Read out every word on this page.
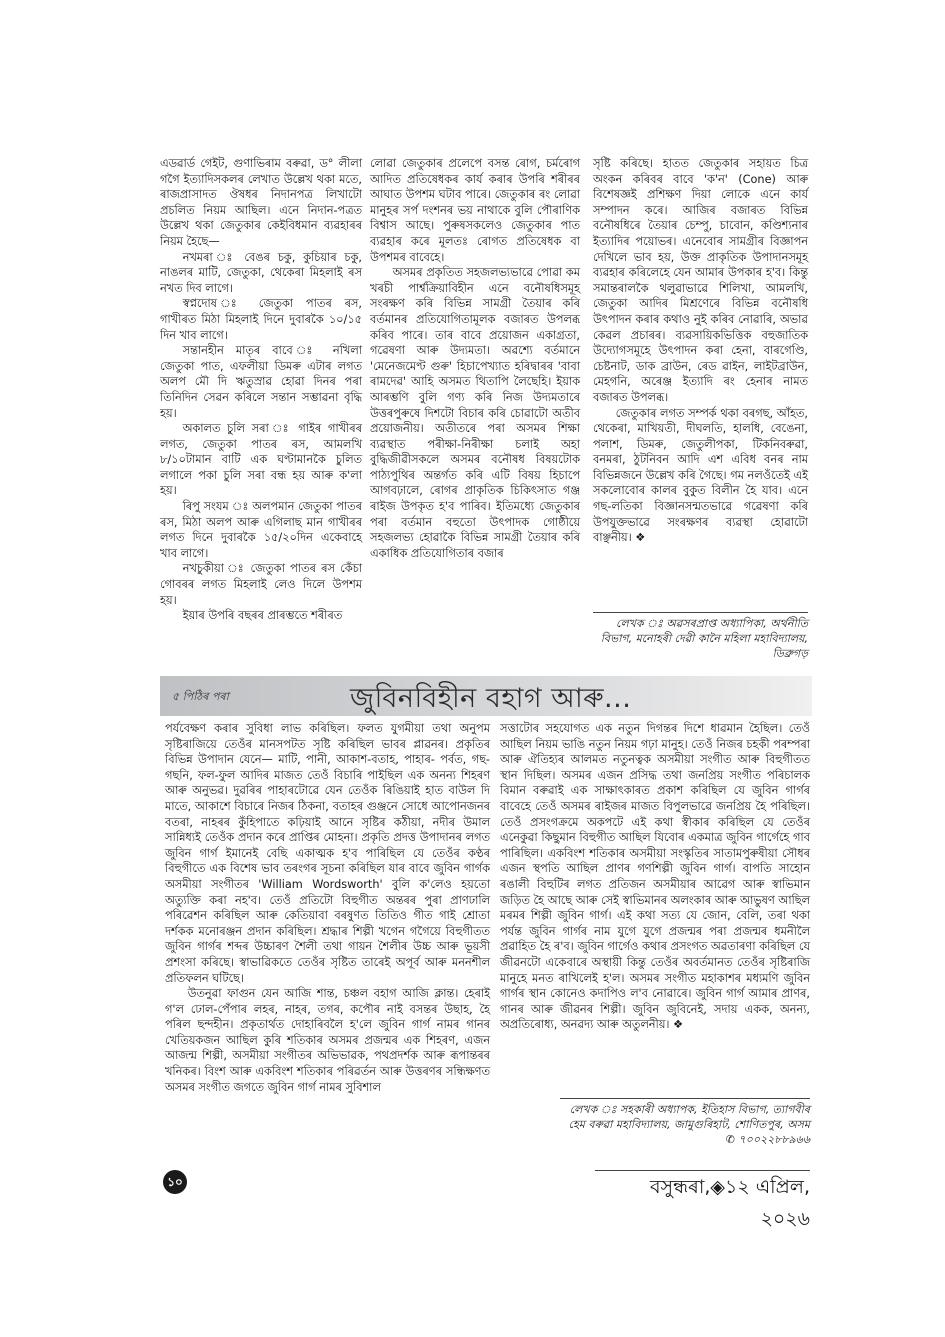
এডৱাৰ্ড গেইট, গুণাভিৰাম বৰুৱা, ড° লীলা গগৈ ইত্যাদিসকলৰ লেখাত উল্লেখ থকা মতে, ৰাজপ্ৰাসাদত ঔষধৰ নিদানপত্ৰ লিখাটো প্ৰচলিত নিয়ম আছিল। এনে নিদান-পত্ৰত উল্লেখ থকা জেতুকাৰ কেইবিধমান ব্যৱহাৰৰ নিয়ম হৈছে—

নখমৰা ঃ বেঙৰ চকু, কুচিয়াৰ চকু, নাঙলৰ মাটি, জেতুকা, থেকেৰা মিহলাই ৰস নখত দিব লাগে।

স্বপ্নদোষ ঃ জেতুকা পাতৰ ৰস, গাখীৰত মিঠা মিহলাই দিনে দুবাৰকৈ ১০/১৫ দিন খাব লাগে।

সন্তানহীন মাতৃৰ বাবে ঃ নখিলা জেতুকা পাত, এফলীয়া ডিমৰু এটাৰ লগত অলপ মৌ দি ঋতুস্ৰাৱ হোৱা দিনৰ পৰা তিনিদিন সেৱন কৰিলে সন্তান সম্ভাৱনা বৃদ্ধি হয়।

অকালত চুলি সৰা ঃ গাইৰ গাখীৰৰ লগত, জেতুকা পাতৰ ৰস, আমলখি ৮/১০টামান বাটি এক ঘণ্টামানকৈ চুলিত লগালে পকা চুলি সৰা বন্ধ হয় আৰু ক'লা হয়।

ৰিপু সংযম ঃ অলপমান জেতুকা পাতৰ ৰস, মিঠা অলপ আৰু এগিলাছ মান গাখীৰৰ লগত দিনে দুবাৰকৈ ১৫/২০দিন একেবাহে খাব লাগে।

নখচুকীয়া ঃ জেতুকা পাতৰ ৰস কেঁচা গোবৰৰ লগত মিহলাই লেও দিলে উপশম হয়।

ইয়াৰ উপৰি বছৰৰ প্ৰাৰম্ভতে শৰীৰত

লোৱা জেতুকাৰ প্ৰলেপে বসন্ত ৰোগ, চৰ্মৰোগ আদিত প্ৰতিষেধকৰ কাৰ্য কৰাৰ উপৰি শৰীৰৰ আঘাত উপশম ঘটাব পাৰে। জেতুকাৰ ৰং লোৱা মানুহৰ সৰ্প দংশনৰ ভয় নাথাকে বুলি পৌৰাণিক বিশ্বাস আছে। পুৰুষসকলেও জেতুকাৰ পাত ব্যৱহাৰ কৰে মূলতঃ ৰোগত প্ৰতিষেধক বা উপশমৰ বাবেহে।

অসমৰ প্ৰকৃতিত সহজলভ্যভাৱে পোৱা কম খৰচী পাৰ্শ্বক্ৰিয়াবিহীন এনে বনৌষধিসমূহ সংৰক্ষণ কৰি বিভিন্ন সামগ্ৰী তৈয়াৰ কৰি বৰ্তমানৰ প্ৰতিযোগিতামূলক বজাৰত উপলব্ধ কৰিব পাৰে। তাৰ বাবে প্ৰয়োজন একাগ্ৰতা, গৱেষণা আৰু উদ্যমতা। অৱশ্যে বৰ্তমানে 'মেনেজমেণ্ট গুৰু' হিচাপেখ্যাত হৰিদ্বাৰৰ 'বাবা ৰামদেৱ' আহি অসমত থিতাপি লৈছেহি। ইয়াক আৰম্ভণি বুলি গণ্য কৰি নিজ উদ্যমতাৰে উত্তৰপুৰুষে দিশটো বিচাৰ কৰি চোৱাটো অতীব প্ৰয়োজনীয়। অতীতৰে পৰা অসমৰ শিক্ষা ব্যৱস্থাত পৰীক্ষা-নিৰীক্ষা চলাই অহা বুদ্ধিজীৱীসকলে অসমৰ বনৌষধ বিষয়টোক পাঠ্যপুথিৰ অন্তৰ্গত কৰি এটি বিষয় হিচাপে আগবঢ়ালে, ৰোগৰ প্ৰাকৃতিক চিকিৎসাত গঞ্জ ৰাইজ উপকৃত হ'ব পাৰিব। ইতিমধ্যে জেতুকাৰ পৰা বৰ্তমান বহুতো উৎপাদক গোষ্ঠীয়ে সহজলভ্য হোৱাকৈ বিভিন্ন সামগ্ৰী তৈয়াৰ কৰি একাধিক প্ৰতিযোগিতাৰ বজাৰ

সৃষ্টি কৰিছে। হাতত জেতুকাৰ সহায়ত চিত্ৰ অংকন কৰিবৰ বাবে 'ক'ন' (Cone) আৰু বিশেষজ্ঞই প্ৰশিক্ষণ দিয়া লোকে এনে কাৰ্য সম্পাদন কৰে। আজিৰ বজাৰত বিভিন্ন বনৌষধিৰে তৈয়াৰ চেম্পু, চাবোন, কণ্ডিশ্যনাৰ ইত্যাদিৰ পয়োভৰ। এনেবোৰ সামগ্ৰীৰ বিজ্ঞাপন দেখিলে ভাব হয়, উক্ত প্ৰাকৃতিক উপাদানসমূহ ব্যৱহাৰ কৰিলেহে যেন আমাৰ উপকাৰ হ'ব। কিন্তু সমান্তৰালকৈ থলুৱাভাৱে শিলিখা, আমলখি, জেতুকা আদিৰ মিশ্ৰণেৰে বিভিন্ন বনৌষধি উৎপাদন কৰাৰ কথাও নুই কৰিব নোৱাৰি, অভাৱ কেৱল প্ৰচাৰৰ। ব্যৱসায়িকভিত্তিক বহুজাতিক উদ্যোগসমূহে উৎপাদন কৰা হেনা, বাৰগেণ্ডি, চেষ্টনাট, ডাক ব্ৰাউন, ৰেড ৱাইন, লাইটব্ৰাউন, মেহগনি, অৰেঞ্জ ইত্যাদি ৰং হেনাৰ নামত বজাৰত উপলব্ধ।

জেতুকাৰ লগত সম্পৰ্ক থকা বৰগছ, আঁহত, থেকেৰা, মাখিয়তী, দীঘলতি, হালধি, বেঙেনা, পলাশ, ডিমৰু, জেতুলীপকা, টিকনিবৰুৱা, বনমৰা, ঠুটনিবন আদি এশ এবিধ বনৰ নাম বিভিন্নজনে উল্লেখ কৰি গৈছে। গম নলওঁতেই এই সকলোবোৰ কালৰ বুকুত বিলীন হৈ যাব। এনে গছ-লতিকা বিজ্ঞানসন্মতভাৱে গৱেষণা কৰি উপযুক্তভাৱে সংৰক্ষণৰ ব্যৱস্থা হোৱাটো বাঞ্ছনীয়। ❖

লেখক ঃ অৱসৰপ্ৰাপ্ত অধ্যাপিকা, অৰ্থনীতি বিভাগ, মনোহৰী দেৱী কানৈ মহিলা মহাবিদ্যালয়, ডিব্ৰুগড়
৫ পিঠিৰ পৰা	জুবিনবিহীন বহাগ আৰু...

পৰ্যবেক্ষণ কৰাৰ সুবিধা লাভ কৰিছিল। ফলত যুগমীয়া তথা অনুপম সৃষ্টিৰাজিয়ে তেওঁৰ মানসপটত সৃষ্টি কৰিছিল ভাবৰ প্লাৱনৰ। প্ৰকৃতিৰ বিভিন্ন উপাদান যেনে— মাটি, পানী, আকাশ-বতাহ, পাহাৰ- পৰ্বত, গছ-গছনি, ফল-ফুল আদিৰ মাজত তেওঁ বিচাৰি পাইছিল এক অনন্য শিহৰণ আৰু অনুভৱ। দুৱৰিৰ পাহাৰটোৱে যেন তেওঁক ৰিঙিয়াই হাত বাউল দি মাতে, আকাশে বিচাৰে নিজৰ ঠিকনা, বতাহৰ গুঞ্জনে সোধে আপোনজনৰ বতৰা, নাহৰৰ কুঁহিপাতে কঢ়িয়াই আনে সৃষ্টিৰ কঠীয়া, নদীৰ উমাল সান্নিধ্যই তেওঁক প্ৰদান কৰে প্ৰাপ্তিৰ মোহনা। প্ৰকৃতি প্ৰদত্ত উপাদানৰ লগত জুবিন গাৰ্গ ইমানেই বেছি একাত্মক হ'ব পাৰিছিল যে তেওঁৰ কণ্ঠৰ বিহুগীতে এক বিশেষ ভাব তৰংগৰ সূচনা কৰিছিল যাৰ বাবে জুবিন গাৰ্গক অসমীয়া সংগীতৰ 'William Wordsworth' বুলি ক'লেও হয়তো অত্যুক্তি কৰা নহ'ব। তেওঁ প্ৰতিটো বিহুগীত অন্তৰৰ পুৰা প্ৰাণঢালি পৰিৱেশন কৰিছিল আৰু কেতিয়াবা বৰষুণত তিতিও গীত গাই শ্ৰোতা দৰ্শকক মনোৰঞ্জন প্ৰদান কৰিছিল। শ্ৰদ্ধাৰ শিল্পী খগেন গগৈয়ে বিহুগীতত জুবিন গাৰ্গৰ শব্দৰ উচ্চাৰণ শৈলী তথা গায়ন শৈলীৰ উচ্চ আৰু ভূয়সী প্ৰশংসা কৰিছে। স্বাভাৱিকতে তেওঁৰ সৃষ্টিত তাৰেই অপূৰ্ব আৰু মননশীল প্ৰতিফলন ঘটিছে।

উতনুৱা ফাগুন যেন আজি শান্ত, চঞ্চল বহাগ আজি ক্লান্ত। হেৰাই গ'ল ঢোল-পেঁপাৰ লহৰ, নাহৰ, তগৰ, কপৌৰ নাই বসন্তৰ উছাহ, হৈ পৰিল ছন্দহীন। প্ৰকৃতাৰ্থত দোহাৰিবলৈ হ'লে জুবিন গাৰ্গ নামৰ গানৰ খেতিয়কজন আছিল কুৰি শতিকাৰ অসমৰ প্ৰজন্মৰ এক শিহৰণ, এজন আজন্ম শিল্পী, অসমীয়া সংগীতৰ অভিভাৱক, পথপ্ৰদৰ্শক আৰু ৰূপান্তৰৰ খনিকৰ। বিংশ আৰু একবিংশ শতিকাৰ পৰিৱৰ্তন আৰু উত্তৰণৰ সন্ধিক্ষণত অসমৰ সংগীত জগতে জুবিন গাৰ্গ নামৰ সুবিশাল

সত্তাটোৰ সহযোগত এক নতুন দিগন্তৰ দিশে ধাৱমান হৈছিল। তেওঁ আছিল নিয়ম ভাঙি নতুন নিয়ম গঢ়া মানুহ। তেওঁ নিজৰ চহকী পৰম্পৰা আৰু ঐতিহ্যৰ আলমত নতুনত্বক অসমীয়া সংগীত আৰু বিহুগীতত স্থান দিছিল। অসমৰ এজন প্ৰসিদ্ধ তথা জনপ্ৰিয় সংগীত পৰিচালক বিমান বৰুৱাই এক সাক্ষাৎকাৰত প্ৰকাশ কৰিছিল যে জুবিন গাৰ্গৰ বাবেহে তেওঁ অসমৰ ৰাইজৰ মাজত বিপুলভাৱে জনপ্ৰিয় হৈ পৰিছিল। তেওঁ প্ৰসংগক্ৰমে অকপটে এই কথা স্বীকাৰ কৰিছিল যে তেওঁৰ এনেকুৱা কিছুমান বিহুগীত আছিল যিবোৰ একমাত্ৰ জুবিন গাৰ্গেহে গাব পাৰিছিল। একবিংশ শতিকাৰ অসমীয়া সংস্কৃতিৰ সাতামপুৰুষীয়া সৌধৰ এজন স্থপতি আছিল প্ৰাণৰ গণশিল্পী জুবিন গাৰ্গ। বাপতি সাহোন ৰঙালী বিহুটিৰ লগত প্ৰতিজন অসমীয়াৰ আৱেগ আৰু স্বাভিমান জড়িত হৈ আছে আৰু সেই স্বাভিমানৰ অলংকাৰ আৰু আভুষণ আছিল মৰমৰ শিল্পী জুবিন গাৰ্গ। এই কথা সত্য যে জোন, বেলি, তৰা থকা পৰ্যন্ত জুবিন গাৰ্গৰ নাম যুগে যুগে প্ৰজন্মৰ পৰা প্ৰজন্মৰ ধমনীলৈ প্ৰৱাহিত হৈ ৰ'ব। জুবিন গাৰ্গেও কথাৰ প্ৰসংগত অৱতাৰণা কৰিছিল যে জীৱনটো একেবাৰে অস্থায়ী কিন্তু তেওঁৰ অবৰ্তমানত তেওঁৰ সৃষ্টিৰাজি মানুহে মনত ৰাখিলেই হ'ল। অসমৰ সংগীত মহাকাশৰ মধ্যমণি জুবিন গাৰ্গৰ স্থান কোনেও কদাপিও ল'ব নোৱাৰে। জুবিন গাৰ্গ আমাৰ প্ৰাণৰ, গানৰ আৰু জীৱনৰ শিল্পী। জুবিন জুবিনেই, সদায় একক, অনন্য, অপ্ৰতিৰোধ্য, অনৱদ্য আৰু অতুলনীয়। ❖

লেখক ঃ সহকাৰী অধ্যাপক, ইতিহাস বিভাগ, ত্যাগবীৰ হেম বৰুৱা মহাবিদ্যালয়, জামুগুৰিহাট, শোণিতপুৰ, অসম
✆ ৭০০২২৮৮৯৬৬
১০	বসুন্ধৰা,◈১২ এপ্ৰিল, ২০২৬
